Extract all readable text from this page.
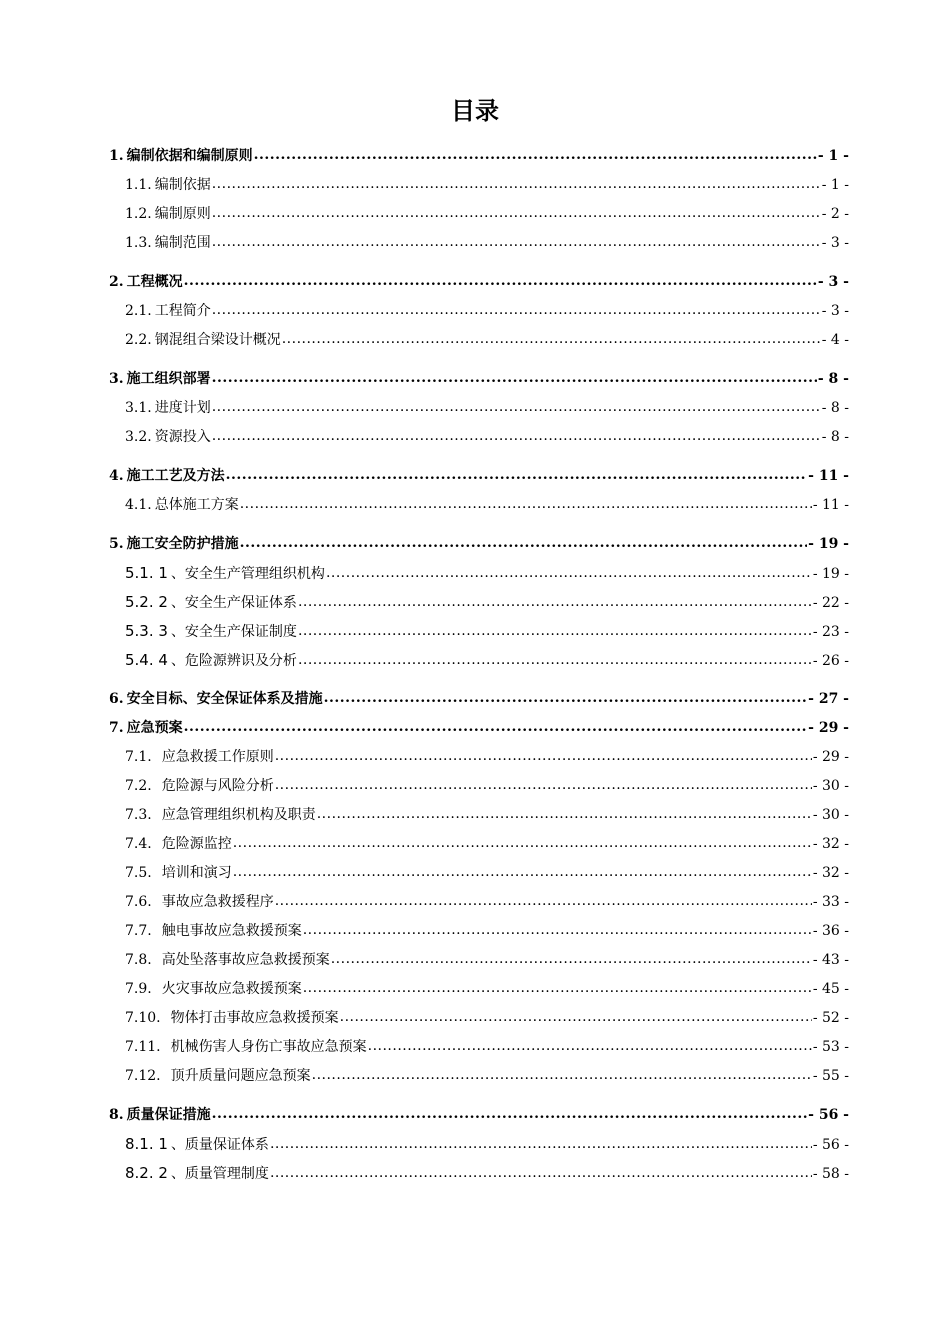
目录
1. 编制依据和编制原则 .....	- 1 -
1.1. 编制依据 .....	- 1 -
1.2. 编制原则 .....	- 2 -
1.3. 编制范围 .....	- 3 -
2. 工程概况 .....	- 3 -
2.1. 工程简介 .....	- 3 -
2.2. 钢混组合梁设计概况 .....	- 4 -
3. 施工组织部署 .....	- 8 -
3.1. 进度计划 .....	- 8 -
3.2. 资源投入 .....	- 8 -
4. 施工工艺及方法 .....	- 11 -
4.1. 总体施工方案 .....	- 11 -
5. 施工安全防护措施 .....	- 19 -
5.1. 1 、安全生产管理组织机构 .....	- 19 -
5.2. 2 、安全生产保证体系 .....	- 22 -
5.3. 3 、安全生产保证制度 .....	- 23 -
5.4. 4 、危险源辨识及分析 .....	- 26 -
6. 安全目标、安全保证体系及措施 .....	- 27 -
7. 应急预案 .....	- 29 -
7.1. 应急救援工作原则 .....	- 29 -
7.2. 危险源与风险分析 .....	- 30 -
7.3. 应急管理组织机构及职责 .....	- 30 -
7.4. 危险源监控 .....	- 32 -
7.5. 培训和演习 .....	- 32 -
7.6. 事故应急救援程序 .....	- 33 -
7.7. 触电事故应急救援预案 .....	- 36 -
7.8. 高处坠落事故应急救援预案 .....	- 43 -
7.9. 火灾事故应急救援预案 .....	- 45 -
7.10. 物体打击事故应急救援预案 .....	- 52 -
7.11. 机械伤害人身伤亡事故应急预案 .....	- 53 -
7.12. 顶升质量问题应急预案 .....	- 55 -
8. 质量保证措施 .....	- 56 -
8.1. 1 、质量保证体系 .....	- 56 -
8.2. 2 、质量管理制度 .....	- 58 -
